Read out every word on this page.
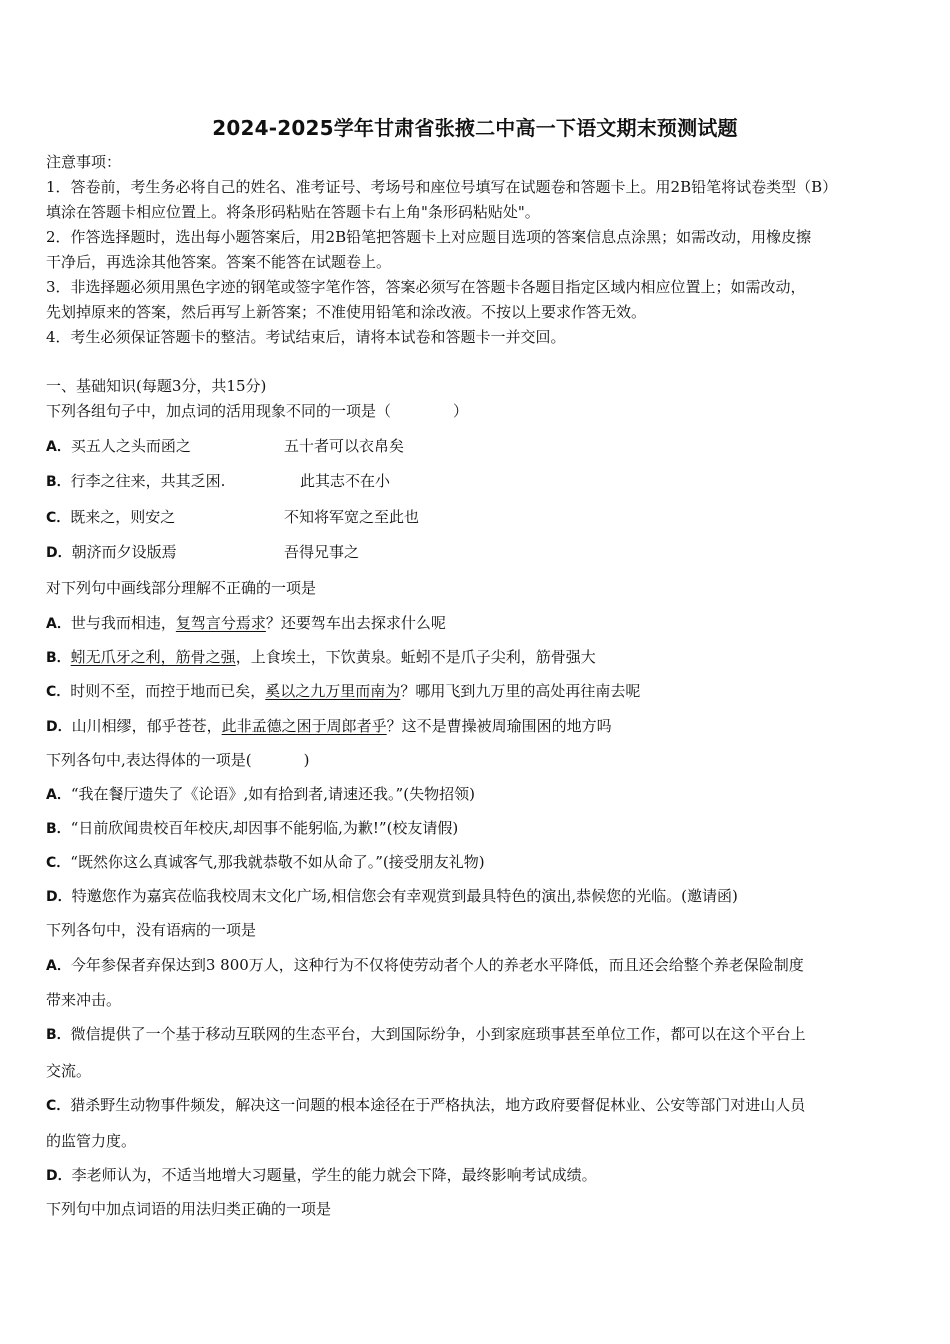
2024-2025学年甘肃省张掖二中高一下语文期末预测试题
注意事项：
1．答卷前，考生务必将自己的姓名、准考证号、考场号和座位号填写在试题卷和答题卡上。用2B铅笔将试卷类型（B）
填涂在答题卡相应位置上。将条形码粘贴在答题卡右上角"条形码粘贴处"。
2．作答选择题时，选出每小题答案后，用2B铅笔把答题卡上对应题目选项的答案信息点涂黑；如需改动，用橡皮擦
干净后，再选涂其他答案。答案不能答在试题卷上。
3．非选择题必须用黑色字迹的钢笔或签字笔作答，答案必须写在答题卡各题目指定区域内相应位置上；如需改动，
先划掉原来的答案，然后再写上新答案；不准使用铅笔和涂改液。不按以上要求作答无效。
4．考生必须保证答题卡的整洁。考试结束后，请将本试卷和答题卡一并交回。
一、基础知识(每题3分，共15分)
下列各组句子中，加点词的活用现象不同的一项是（	）
A．买五人之头而函之	五十者可以衣帛矣
B．行李之往来，共其乏困.	此其志不在小
C．既来之，则安之	不知将军宽之至此也
D．朝济而夕设版焉	吾得兄事之
对下列句中画线部分理解不正确的一项是
A．世与我而相违，复驾言兮焉求？还要驾车出去探求什么呢
B．蚓无爪牙之利，筋骨之强，上食埃土，下饮黄泉。蚯蚓不是爪子尖利，筋骨强大
C．时则不至，而控于地而已矣，奚以之九万里而南为？哪用飞到九万里的高处再往南去呢
D．山川相缪，郁乎苍苍，此非孟德之困于周郎者乎？这不是曹操被周瑜围困的地方吗
下列各句中,表达得体的一项是(	)
A．“我在餐厅遗失了《论语》,如有拾到者,请速还我。”(失物招领)
B．“日前欣闻贵校百年校庆,却因事不能躬临,为歉!”(校友请假)
C．“既然你这么真诚客气,那我就恭敬不如从命了。”(接受朋友礼物)
D．特邀您作为嘉宾莅临我校周末文化广场,相信您会有幸观赏到最具特色的演出,恭候您的光临。(邀请函)
下列各句中，没有语病的一项是
A．今年参保者弃保达到3 800万人，这种行为不仅将使劳动者个人的养老水平降低，而且还会给整个养老保险制度
带来冲击。
B．微信提供了一个基于移动互联网的生态平台，大到国际纷争，小到家庭琐事甚至单位工作，都可以在这个平台上
交流。
C．猎杀野生动物事件频发，解决这一问题的根本途径在于严格执法，地方政府要督促林业、公安等部门对进山人员
的监管力度。
D．李老师认为，不适当地增大习题量，学生的能力就会下降，最终影响考试成绩。
下列句中加点词语的用法归类正确的一项是
